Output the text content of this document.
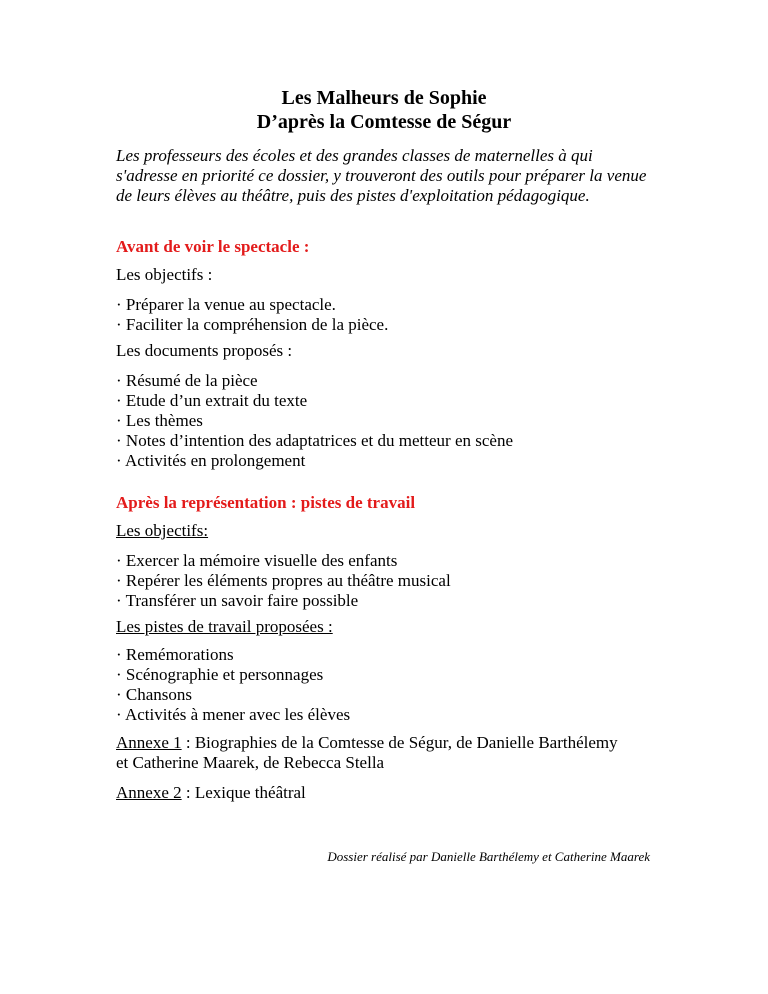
Les Malheurs de Sophie

D’après la Comtesse de Ségur

Les professeurs des écoles et des grandes classes de maternelles à qui s'adresse en priorité ce dossier, y trouveront des outils pour préparer la venue de leurs élèves au théâtre, puis des pistes d'exploitation pédagogique.
Avant de voir le spectacle :
Les objectifs :
· Préparer la venue au spectacle.
· Faciliter la compréhension de la pièce.
Les documents proposés :
· Résumé de la pièce
· Etude d’un extrait du texte
· Les thèmes
· Notes d’intention des adaptatrices et du metteur en scène
· Activités en prolongement
Après la représentation : pistes de travail
Les objectifs:
· Exercer la mémoire visuelle des enfants
· Repérer les éléments propres au théâtre musical
· Transférer un savoir faire possible
Les pistes de travail proposées :
· Remémorations
· Scénographie et personnages
· Chansons
· Activités à mener avec les élèves
Annexe 1 : Biographies de la Comtesse de Ségur, de Danielle Barthélemy
et Catherine Maarek, de Rebecca Stella
Annexe 2 : Lexique théâtral
Dossier réalisé par Danielle Barthélemy et Catherine Maarek
